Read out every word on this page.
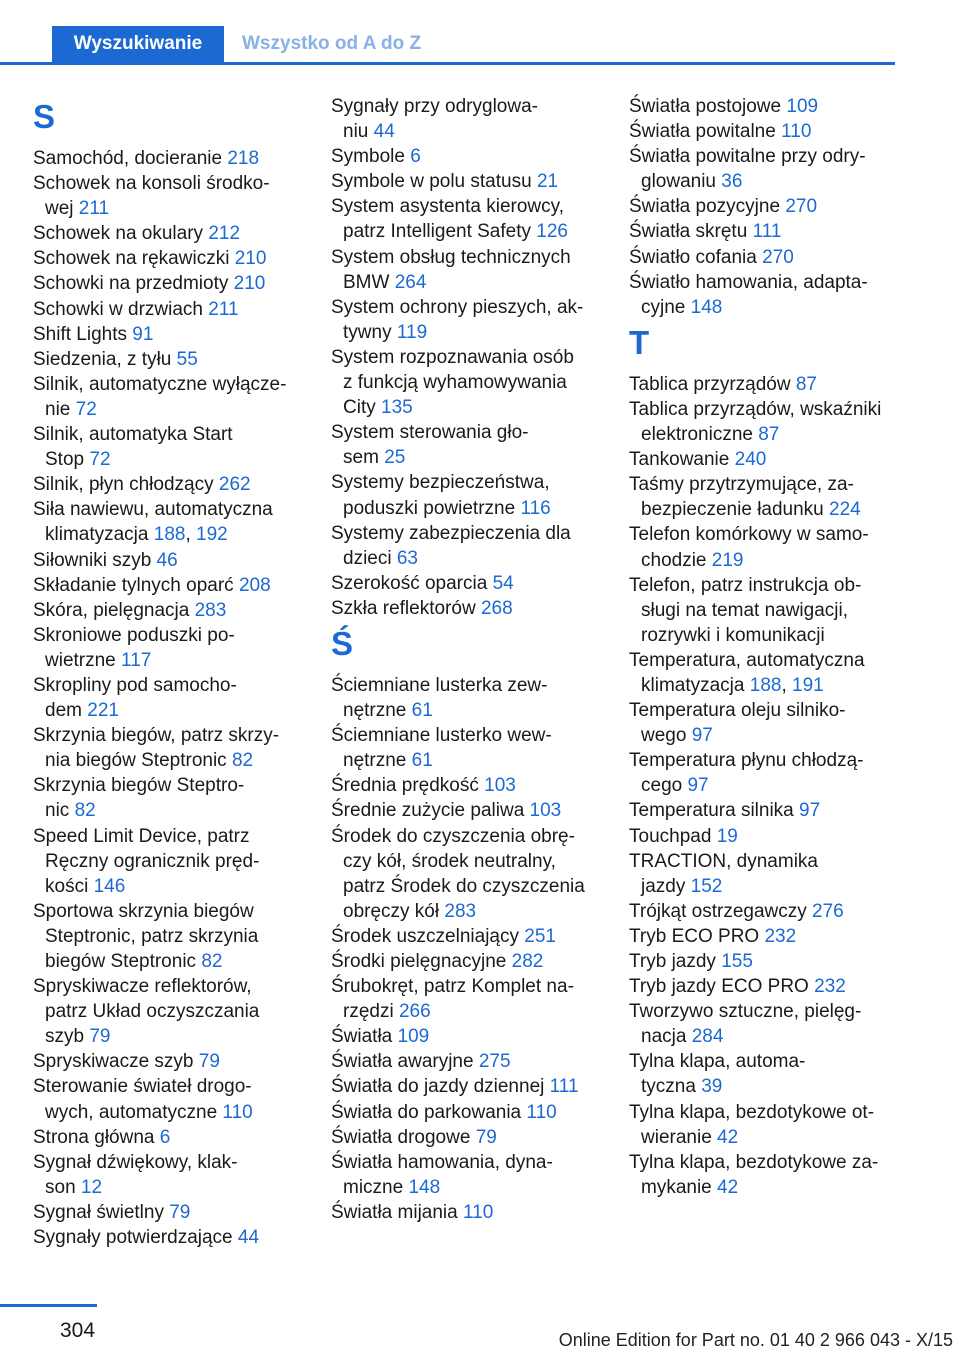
Wyszukiwanie	Wszystko od A do Z
S
Samochód, docieranie 218
Schowek na konsoli środko-
wej 211
Schowek na okulary 212
Schowek na rękawiczki 210
Schowki na przedmioty 210
Schowki w drzwiach 211
Shift Lights 91
Siedzenia, z tyłu 55
Silnik, automatyczne wyłącze-
nie 72
Silnik, automatyka Start
Stop 72
Silnik, płyn chłodzący 262
Siła nawiewu, automatyczna
klimatyzacja 188, 192
Siłowniki szyb 46
Składanie tylnych oparć 208
Skóra, pielęgnacja 283
Skroniowe poduszki po-
wietrzne 117
Skropliny pod samocho-
dem 221
Skrzynia biegów, patrz skrzy-
nia biegów Steptronic 82
Skrzynia biegów Steptro-
nic 82
Speed Limit Device, patrz
Ręczny ogranicznik pręd-
kości 146
Sportowa skrzynia biegów
Steptronic, patrz skrzynia
biegów Steptronic 82
Spryskiwacze reflektorów,
patrz Układ oczyszczania
szyb 79
Spryskiwacze szyb 79
Sterowanie świateł drogo-
wych, automatyczne 110
Strona główna 6
Sygnał dźwiękowy, klak-
son 12
Sygnał świetlny 79
Sygnały potwierdzające 44
Sygnały przy odryglowa-
niu 44
Symbole 6
Symbole w polu statusu 21
System asystenta kierowcy,
patrz Intelligent Safety 126
System obsług technicznych
BMW 264
System ochrony pieszych, ak-
tywny 119
System rozpoznawania osób
z funkcją wyhamowywania
City 135
System sterowania gło-
sem 25
Systemy bezpieczeństwa,
poduszki powietrzne 116
Systemy zabezpieczenia dla
dzieci 63
Szerokość oparcia 54
Szkła reflektorów 268
Ś
Ściemniane lusterka zew-
nętrzne 61
Ściemniane lusterko wew-
nętrzne 61
Średnia prędkość 103
Średnie zużycie paliwa 103
Środek do czyszczenia obrę-
czy kół, środek neutralny,
patrz Środek do czyszczenia
obręczy kół 283
Środek uszczelniający 251
Środki pielęgnacyjne 282
Śrubokręt, patrz Komplet na-
rzędzi 266
Światła 109
Światła awaryjne 275
Światła do jazdy dziennej 111
Światła do parkowania 110
Światła drogowe 79
Światła hamowania, dyna-
miczne 148
Światła mijania 110
Światła postojowe 109
Światła powitalne 110
Światła powitalne przy odry-
glowaniu 36
Światła pozycyjne 270
Światła skrętu 111
Światło cofania 270
Światło hamowania, adapta-
cyjne 148
T
Tablica przyrządów 87
Tablica przyrządów, wskaźniki
elektroniczne 87
Tankowanie 240
Taśmy przytrzymujące, za-
bezpieczenie ładunku 224
Telefon komórkowy w samo-
chodzie 219
Telefon, patrz instrukcja ob-
sługi na temat nawigacji,
rozrywki i komunikacji
Temperatura, automatyczna
klimatyzacja 188, 191
Temperatura oleju silniko-
wego 97
Temperatura płynu chłodzą-
cego 97
Temperatura silnika 97
Touchpad 19
TRACTION, dynamika
jazdy 152
Trójkąt ostrzegawczy 276
Tryb ECO PRO 232
Tryb jazdy 155
Tryb jazdy ECO PRO 232
Tworzywo sztuczne, pielęg-
nacja 284
Tylna klapa, automa-
tyczna 39
Tylna klapa, bezdotykowe ot-
wieranie 42
Tylna klapa, bezdotykowe za-
mykanie 42
304	Online Edition for Part no. 01 40 2 966 043 - X/15
